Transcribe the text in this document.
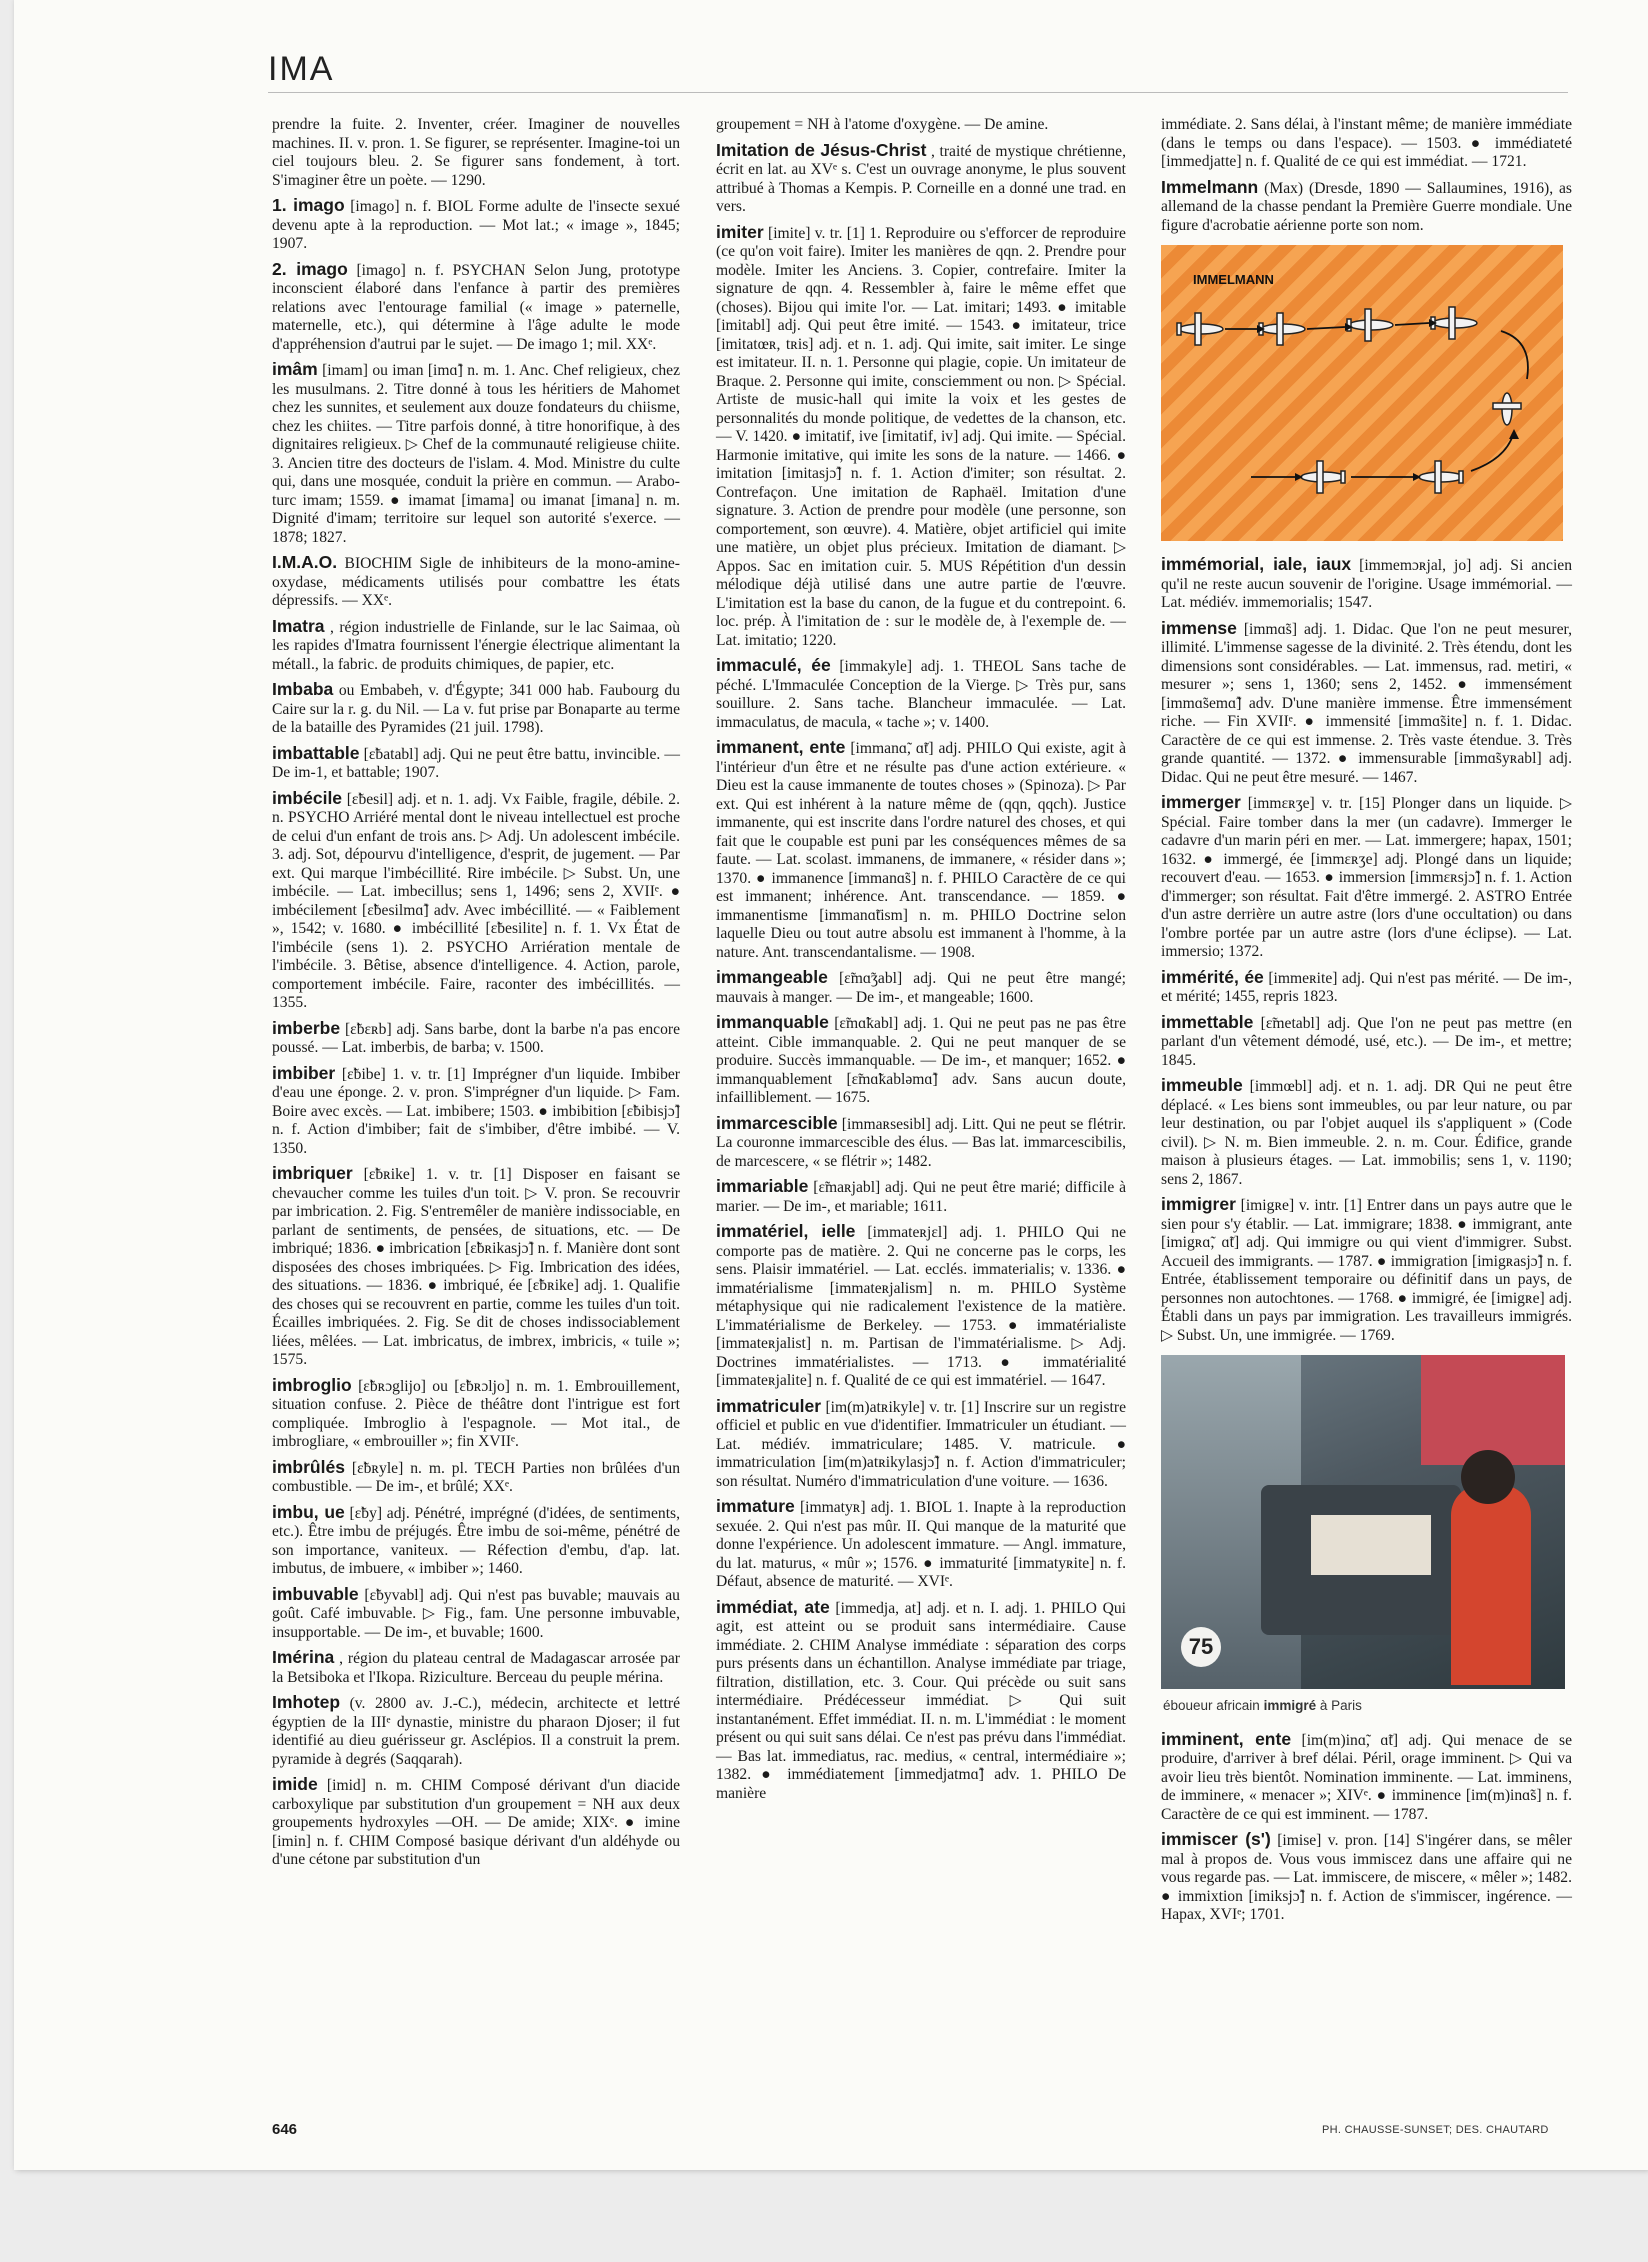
IMA

prendre la fuite. 2. Inventer, créer. Imaginer de nouvelles machines. II. v. pron. 1. Se figurer, se représenter. Imagine-toi un ciel toujours bleu. 2. Se figurer sans fondement, à tort. S'imaginer être un poète. — 1290.

1. imago [imago] n. f. BIOL Forme adulte de l'insecte sexué devenu apte à la reproduction. — Mot lat.; « image », 1845; 1907.

2. imago [imago] n. f. PSYCHAN Selon Jung, prototype inconscient élaboré dans l'enfance à partir des premières relations avec l'entourage familial (« image » paternelle, maternelle, etc.), qui détermine à l'âge adulte le mode d'appréhension d'autrui par le sujet. — De imago 1; mil. XXᵉ.

imâm [imam] ou iman [imɑ̃] n. m. 1. Anc. Chef religieux, chez les musulmans. 2. Titre donné à tous les héritiers de Mahomet chez les sunnites, et seulement aux douze fondateurs du chiisme, chez les chiites. — Titre parfois donné, à titre honorifique, à des dignitaires religieux. ▷ Chef de la communauté religieuse chiite. 3. Ancien titre des docteurs de l'islam. 4. Mod. Ministre du culte qui, dans une mosquée, conduit la prière en commun. — Arabo-turc imam; 1559. ● imamat [imama] ou imanat [imana] n. m. Dignité d'imam; territoire sur lequel son autorité s'exerce. — 1878; 1827.

I.M.A.O. BIOCHIM Sigle de inhibiteurs de la mono-amine-oxydase, médicaments utilisés pour combattre les états dépressifs. — XXᵉ.

Imatra , région industrielle de Finlande, sur le lac Saimaa, où les rapides d'Imatra fournissent l'énergie électrique alimentant la métall., la fabric. de produits chimiques, de papier, etc.

Imbaba ou Embabeh, v. d'Égypte; 341 000 hab. Faubourg du Caire sur la r. g. du Nil. — La v. fut prise par Bonaparte au terme de la bataille des Pyramides (21 juil. 1798).

imbattable [ɛ̃batabl] adj. Qui ne peut être battu, invincible. — De im-1, et battable; 1907.

imbécile [ɛ̃besil] adj. et n. 1. adj. Vx Faible, fragile, débile. 2. n. PSYCHO Arriéré mental dont le niveau intellectuel est proche de celui d'un enfant de trois ans. ▷ Adj. Un adolescent imbécile. 3. adj. Sot, dépourvu d'intelligence, d'esprit, de jugement. — Par ext. Qui marque l'imbécillité. Rire imbécile. ▷ Subst. Un, une imbécile. — Lat. imbecillus; sens 1, 1496; sens 2, XVIIᵉ. ● imbécilement [ɛ̃besilmɑ̃] adv. Avec imbécillité. — « Faiblement », 1542; v. 1680. ● imbécillité [ɛ̃besilite] n. f. 1. Vx État de l'imbécile (sens 1). 2. PSYCHO Arriération mentale de l'imbécile. 3. Bêtise, absence d'intelligence. 4. Action, parole, comportement imbécile. Faire, raconter des imbécillités. — 1355.

imberbe [ɛ̃bɛʀb] adj. Sans barbe, dont la barbe n'a pas encore poussé. — Lat. imberbis, de barba; v. 1500.

imbiber [ɛ̃bibe] 1. v. tr. [1] Imprégner d'un liquide. Imbiber d'eau une éponge. 2. v. pron. S'imprégner d'un liquide. ▷ Fam. Boire avec excès. — Lat. imbibere; 1503. ● imbibition [ɛ̃bibisjɔ̃] n. f. Action d'imbiber; fait de s'imbiber, d'être imbibé. — V. 1350.

imbriquer [ɛ̃bʀike] 1. v. tr. [1] Disposer en faisant se chevaucher comme les tuiles d'un toit. ▷ V. pron. Se recouvrir par imbrication. 2. Fig. S'entremêler de manière indissociable, en parlant de sentiments, de pensées, de situations, etc. — De imbriqué; 1836. ● imbrication [ɛ̃bʀikasjɔ̃] n. f. Manière dont sont disposées des choses imbriquées. ▷ Fig. Imbrication des idées, des situations. — 1836. ● imbriqué, ée [ɛ̃bʀike] adj. 1. Qualifie des choses qui se recouvrent en partie, comme les tuiles d'un toit. Écailles imbriquées. 2. Fig. Se dit de choses indissociablement liées, mêlées. — Lat. imbricatus, de imbrex, imbricis, « tuile »; 1575.

imbroglio [ɛ̃bʀɔglijo] ou [ɛ̃bʀɔljo] n. m. 1. Embrouillement, situation confuse. 2. Pièce de théâtre dont l'intrigue est fort compliquée. Imbroglio à l'espagnole. — Mot ital., de imbrogliare, « embrouiller »; fin XVIIᵉ.

imbrûlés [ɛ̃bʀyle] n. m. pl. TECH Parties non brûlées d'un combustible. — De im-, et brûlé; XXᵉ.

imbu, ue [ɛ̃by] adj. Pénétré, imprégné (d'idées, de sentiments, etc.). Être imbu de préjugés. Être imbu de soi-même, pénétré de son importance, vaniteux. — Réfection d'embu, d'ap. lat. imbutus, de imbuere, « imbiber »; 1460.

imbuvable [ɛ̃byvabl] adj. Qui n'est pas buvable; mauvais au goût. Café imbuvable. ▷ Fig., fam. Une personne imbuvable, insupportable. — De im-, et buvable; 1600.

Imérina , région du plateau central de Madagascar arrosée par la Betsiboka et l'Ikopa. Riziculture. Berceau du peuple mérina.

Imhotep (v. 2800 av. J.-C.), médecin, architecte et lettré égyptien de la IIIᵉ dynastie, ministre du pharaon Djoser; il fut identifié au dieu guérisseur gr. Asclépios. Il a construit la prem. pyramide à degrés (Saqqarah).

imide [imid] n. m. CHIM Composé dérivant d'un diacide carboxylique par substitution d'un groupement = NH aux deux groupements hydroxyles —OH. — De amide; XIXᵉ. ● imine [imin] n. f. CHIM Composé basique dérivant d'un aldéhyde ou d'une cétone par substitution d'un

groupement = NH à l'atome d'oxygène. — De amine.

Imitation de Jésus-Christ , traité de mystique chrétienne, écrit en lat. au XVᵉ s. C'est un ouvrage anonyme, le plus souvent attribué à Thomas a Kempis. P. Corneille en a donné une trad. en vers.

imiter [imite] v. tr. [1] 1. Reproduire ou s'efforcer de reproduire (ce qu'on voit faire). Imiter les manières de qqn. 2. Prendre pour modèle. Imiter les Anciens. 3. Copier, contrefaire. Imiter la signature de qqn. 4. Ressembler à, faire le même effet que (choses). Bijou qui imite l'or. — Lat. imitari; 1493. ● imitable [imitabl] adj. Qui peut être imité. — 1543. ● imitateur, trice [imitatœʀ, tʀis] adj. et n. 1. adj. Qui imite, sait imiter. Le singe est imitateur. II. n. 1. Personne qui plagie, copie. Un imitateur de Braque. 2. Personne qui imite, consciemment ou non. ▷ Spécial. Artiste de music-hall qui imite la voix et les gestes de personnalités du monde politique, de vedettes de la chanson, etc. — V. 1420. ● imitatif, ive [imitatif, iv] adj. Qui imite. — Spécial. Harmonie imitative, qui imite les sons de la nature. — 1466. ● imitation [imitasjɔ̃] n. f. 1. Action d'imiter; son résultat. 2. Contrefaçon. Une imitation de Raphaël. Imitation d'une signature. 3. Action de prendre pour modèle (une personne, son comportement, son œuvre). 4. Matière, objet artificiel qui imite une matière, un objet plus précieux. Imitation de diamant. ▷ Appos. Sac en imitation cuir. 5. MUS Répétition d'un dessin mélodique déjà utilisé dans une autre partie de l'œuvre. L'imitation est la base du canon, de la fugue et du contrepoint. 6. loc. prép. À l'imitation de : sur le modèle de, à l'exemple de. — Lat. imitatio; 1220.

immaculé, ée [immakyle] adj. 1. THEOL Sans tache de péché. L'Immaculée Conception de la Vierge. ▷ Très pur, sans souillure. 2. Sans tache. Blancheur immaculée. — Lat. immaculatus, de macula, « tache »; v. 1400.

immanent, ente [immanɑ̃, ɑ̃t] adj. PHILO Qui existe, agit à l'intérieur d'un être et ne résulte pas d'une action extérieure. « Dieu est la cause immanente de toutes choses » (Spinoza). ▷ Par ext. Qui est inhérent à la nature même de (qqn, qqch). Justice immanente, qui est inscrite dans l'ordre naturel des choses, et qui fait que le coupable est puni par les conséquences mêmes de sa faute. — Lat. scolast. immanens, de immanere, « résider dans »; 1370. ● immanence [immanɑ̃s] n. f. PHILO Caractère de ce qui est immanent; inhérence. Ant. transcendance. — 1859. ● immanentisme [immanɑ̃tism] n. m. PHILO Doctrine selon laquelle Dieu ou tout autre absolu est immanent à l'homme, à la nature. Ant. transcendantalisme. — 1908.

immangeable [ɛ̃mɑ̃ʒabl] adj. Qui ne peut être mangé; mauvais à manger. — De im-, et mangeable; 1600.

immanquable [ɛ̃mɑ̃kabl] adj. 1. Qui ne peut pas ne pas être atteint. Cible immanquable. 2. Qui ne peut manquer de se produire. Succès immanquable. — De im-, et manquer; 1652. ● immanquablement [ɛ̃mɑ̃kabləmɑ̃] adv. Sans aucun doute, infailliblement. — 1675.

immarcescible [immaʀsesibl] adj. Litt. Qui ne peut se flétrir. La couronne immarcescible des élus. — Bas lat. immarcescibilis, de marcescere, « se flétrir »; 1482.

immariable [ɛ̃maʀjabl] adj. Qui ne peut être marié; difficile à marier. — De im-, et mariable; 1611.

immatériel, ielle [immateʀjɛl] adj. 1. PHILO Qui ne comporte pas de matière. 2. Qui ne concerne pas le corps, les sens. Plaisir immatériel. — Lat. ecclés. immaterialis; v. 1336. ● immatérialisme [immateʀjalism] n. m. PHILO Système métaphysique qui nie radicalement l'existence de la matière. L'immatérialisme de Berkeley. — 1753. ● immatérialiste [immateʀjalist] n. m. Partisan de l'immatérialisme. ▷ Adj. Doctrines immatérialistes. — 1713. ● immatérialité [immateʀjalite] n. f. Qualité de ce qui est immatériel. — 1647.

immatriculer [im(m)atʀikyle] v. tr. [1] Inscrire sur un registre officiel et public en vue d'identifier. Immatriculer un étudiant. — Lat. médiév. immatriculare; 1485. V. matricule. ● immatriculation [im(m)atʀikylasjɔ̃] n. f. Action d'immatriculer; son résultat. Numéro d'immatriculation d'une voiture. — 1636.

immature [immatyʀ] adj. 1. BIOL 1. Inapte à la reproduction sexuée. 2. Qui n'est pas mûr. II. Qui manque de la maturité que donne l'expérience. Un adolescent immature. — Angl. immature, du lat. maturus, « mûr »; 1576. ● immaturité [immatyʀite] n. f. Défaut, absence de maturité. — XVIᵉ.

immédiat, ate [immedja, at] adj. et n. I. adj. 1. PHILO Qui agit, est atteint ou se produit sans intermédiaire. Cause immédiate. 2. CHIM Analyse immédiate : séparation des corps purs présents dans un échantillon. Analyse immédiate par triage, filtration, distillation, etc. 3. Cour. Qui précède ou suit sans intermédiaire. Prédécesseur immédiat. ▷ Qui suit instantanément. Effet immédiat. II. n. m. L'immédiat : le moment présent ou qui suit sans délai. Ce n'est pas prévu dans l'immédiat. — Bas lat. immediatus, rac. medius, « central, intermédiaire »; 1382. ● immédiatement [immedjatmɑ̃] adv. 1. PHILO De manière

immédiate. 2. Sans délai, à l'instant même; de manière immédiate (dans le temps ou dans l'espace). — 1503. ● immédiateté [immedjatte] n. f. Qualité de ce qui est immédiat. — 1721.

Immelmann (Max) (Dresde, 1890 — Sallaumines, 1916), as allemand de la chasse pendant la Première Guerre mondiale. Une figure d'acrobatie aérienne porte son nom.

IMMELMANN

immémorial, iale, iaux [immemɔʀjal, jo] adj. Si ancien qu'il ne reste aucun souvenir de l'origine. Usage immémorial. — Lat. médiév. immemorialis; 1547.

immense [immɑ̃s] adj. 1. Didac. Que l'on ne peut mesurer, illimité. L'immense sagesse de la divinité. 2. Très étendu, dont les dimensions sont considérables. — Lat. immensus, rad. metiri, « mesurer »; sens 1, 1360; sens 2, 1452. ● immensément [immɑ̃semɑ̃] adv. D'une manière immense. Être immensément riche. — Fin XVIIᵉ. ● immensité [immɑ̃site] n. f. 1. Didac. Caractère de ce qui est immense. 2. Très vaste étendue. 3. Très grande quantité. — 1372. ● immensurable [immɑ̃syʀabl] adj. Didac. Qui ne peut être mesuré. — 1467.

immerger [immɛʀʒe] v. tr. [15] Plonger dans un liquide. ▷ Spécial. Faire tomber dans la mer (un cadavre). Immerger le cadavre d'un marin péri en mer. — Lat. immergere; hapax, 1501; 1632. ● immergé, ée [immɛʀʒe] adj. Plongé dans un liquide; recouvert d'eau. — 1653. ● immersion [immɛʀsjɔ̃] n. f. 1. Action d'immerger; son résultat. Fait d'être immergé. 2. ASTRO Entrée d'un astre derrière un autre astre (lors d'une occultation) ou dans l'ombre portée par un autre astre (lors d'une éclipse). — Lat. immersio; 1372.

immérité, ée [immeʀite] adj. Qui n'est pas mérité. — De im-, et mérité; 1455, repris 1823.

immettable [ɛ̃metabl] adj. Que l'on ne peut pas mettre (en parlant d'un vêtement démodé, usé, etc.). — De im-, et mettre; 1845.

immeuble [immœbl] adj. et n. 1. adj. DR Qui ne peut être déplacé. « Les biens sont immeubles, ou par leur nature, ou par leur destination, ou par l'objet auquel ils s'appliquent » (Code civil). ▷ N. m. Bien immeuble. 2. n. m. Cour. Édifice, grande maison à plusieurs étages. — Lat. immobilis; sens 1, v. 1190; sens 2, 1867.

immigrer [imigʀe] v. intr. [1] Entrer dans un pays autre que le sien pour s'y établir. — Lat. immigrare; 1838. ● immigrant, ante [imigʀɑ̃, ɑ̃t] adj. Qui immigre ou qui vient d'immigrer. Subst. Accueil des immigrants. — 1787. ● immigration [imigʀasjɔ̃] n. f. Entrée, établissement temporaire ou définitif dans un pays, de personnes non autochtones. — 1768. ● immigré, ée [imigʀe] adj. Établi dans un pays par immigration. Les travailleurs immigrés. ▷ Subst. Un, une immigrée. — 1769.

75
éboueur africain immigré à Paris

imminent, ente [im(m)inɑ̃, ɑ̃t] adj. Qui menace de se produire, d'arriver à bref délai. Péril, orage imminent. ▷ Qui va avoir lieu très bientôt. Nomination imminente. — Lat. imminens, de imminere, « menacer »; XIVᵉ. ● imminence [im(m)inɑ̃s] n. f. Caractère de ce qui est imminent. — 1787.

immiscer (s') [imise] v. pron. [14] S'ingérer dans, se mêler mal à propos de. Vous vous immiscez dans une affaire qui ne vous regarde pas. — Lat. immiscere, de miscere, « mêler »; 1482. ● immixtion [imiksjɔ̃] n. f. Action de s'immiscer, ingérence. — Hapax, XVIᵉ; 1701.

646	PH. CHAUSSE-SUNSET; DES. CHAUTARD
